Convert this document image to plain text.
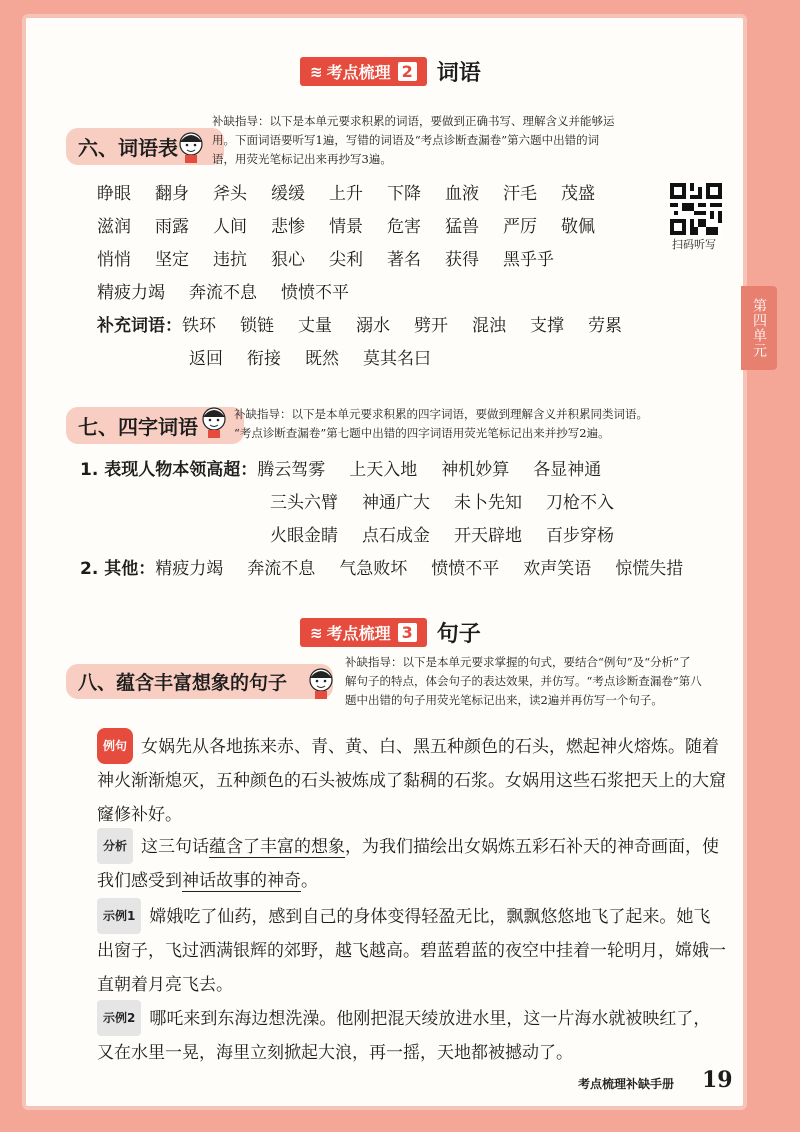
第四单元
≋ 考点梳理 2 词语
六、词语表
补缺指导：以下是本单元要求积累的词语，要做到正确书写、理解含义并能够运
用。下面词语要听写1遍，写错的词语及“考点诊断查漏卷”第六题中出错的词
语，用荧光笔标记出来再抄写3遍。
睁眼 翻身 斧头 缓缓 上升 下降 血液 汗毛 茂盛
滋润 雨露 人间 悲惨 情景 危害 猛兽 严厉 敬佩
悄悄 坚定 违抗 狠心 尖利 著名 获得 黑乎乎
精疲力竭 奔流不息 愤愤不平
补充词语： 铁环 锁链 丈量 溺水 劈开 混浊 支撑 劳累
返回 衔接 既然 莫其名曰
扫码听写
七、四字词语
补缺指导：以下是本单元要求积累的四字词语，要做到理解含义并积累同类词语。
“考点诊断查漏卷”第七题中出错的四字词语用荧光笔标记出来并抄写2遍。
1. 表现人物本领高超： 腾云驾雾 上天入地 神机妙算 各显神通
三头六臂 神通广大 未卜先知 刀枪不入
火眼金睛 点石成金 开天辟地 百步穿杨
2. 其他： 精疲力竭 奔流不息 气急败坏 愤愤不平 欢声笑语 惊慌失措
≋ 考点梳理 3 句子
八、蕴含丰富想象的句子
补缺指导：以下是本单元要求掌握的句式，要结合“例句”及“分析”了
解句子的特点，体会句子的表达效果，并仿写。“考点诊断查漏卷”第八
题中出错的句子用荧光笔标记出来，读2遍并再仿写一个句子。
例句 女娲先从各地拣来赤、青、黄、白、黑五种颜色的石头，燃起神火熔炼。随着神火渐渐熄灭，五种颜色的石头被炼成了黏稠的石浆。女娲用这些石浆把天上的大窟窿修补好。
分析 这三句话蕴含了丰富的想象，为我们描绘出女娲炼五彩石补天的神奇画面，使我们感受到神话故事的神奇。
示例1 嫦娥吃了仙药，感到自己的身体变得轻盈无比，飘飘悠悠地飞了起来。她飞出窗子，飞过洒满银辉的郊野，越飞越高。碧蓝碧蓝的夜空中挂着一轮明月，嫦娥一直朝着月亮飞去。
示例2 哪吒来到东海边想洗澡。他刚把混天绫放进水里，这一片海水就被映红了，又在水里一晃，海里立刻掀起大浪，再一摇，天地都被撼动了。
考点梳理补缺手册 19
